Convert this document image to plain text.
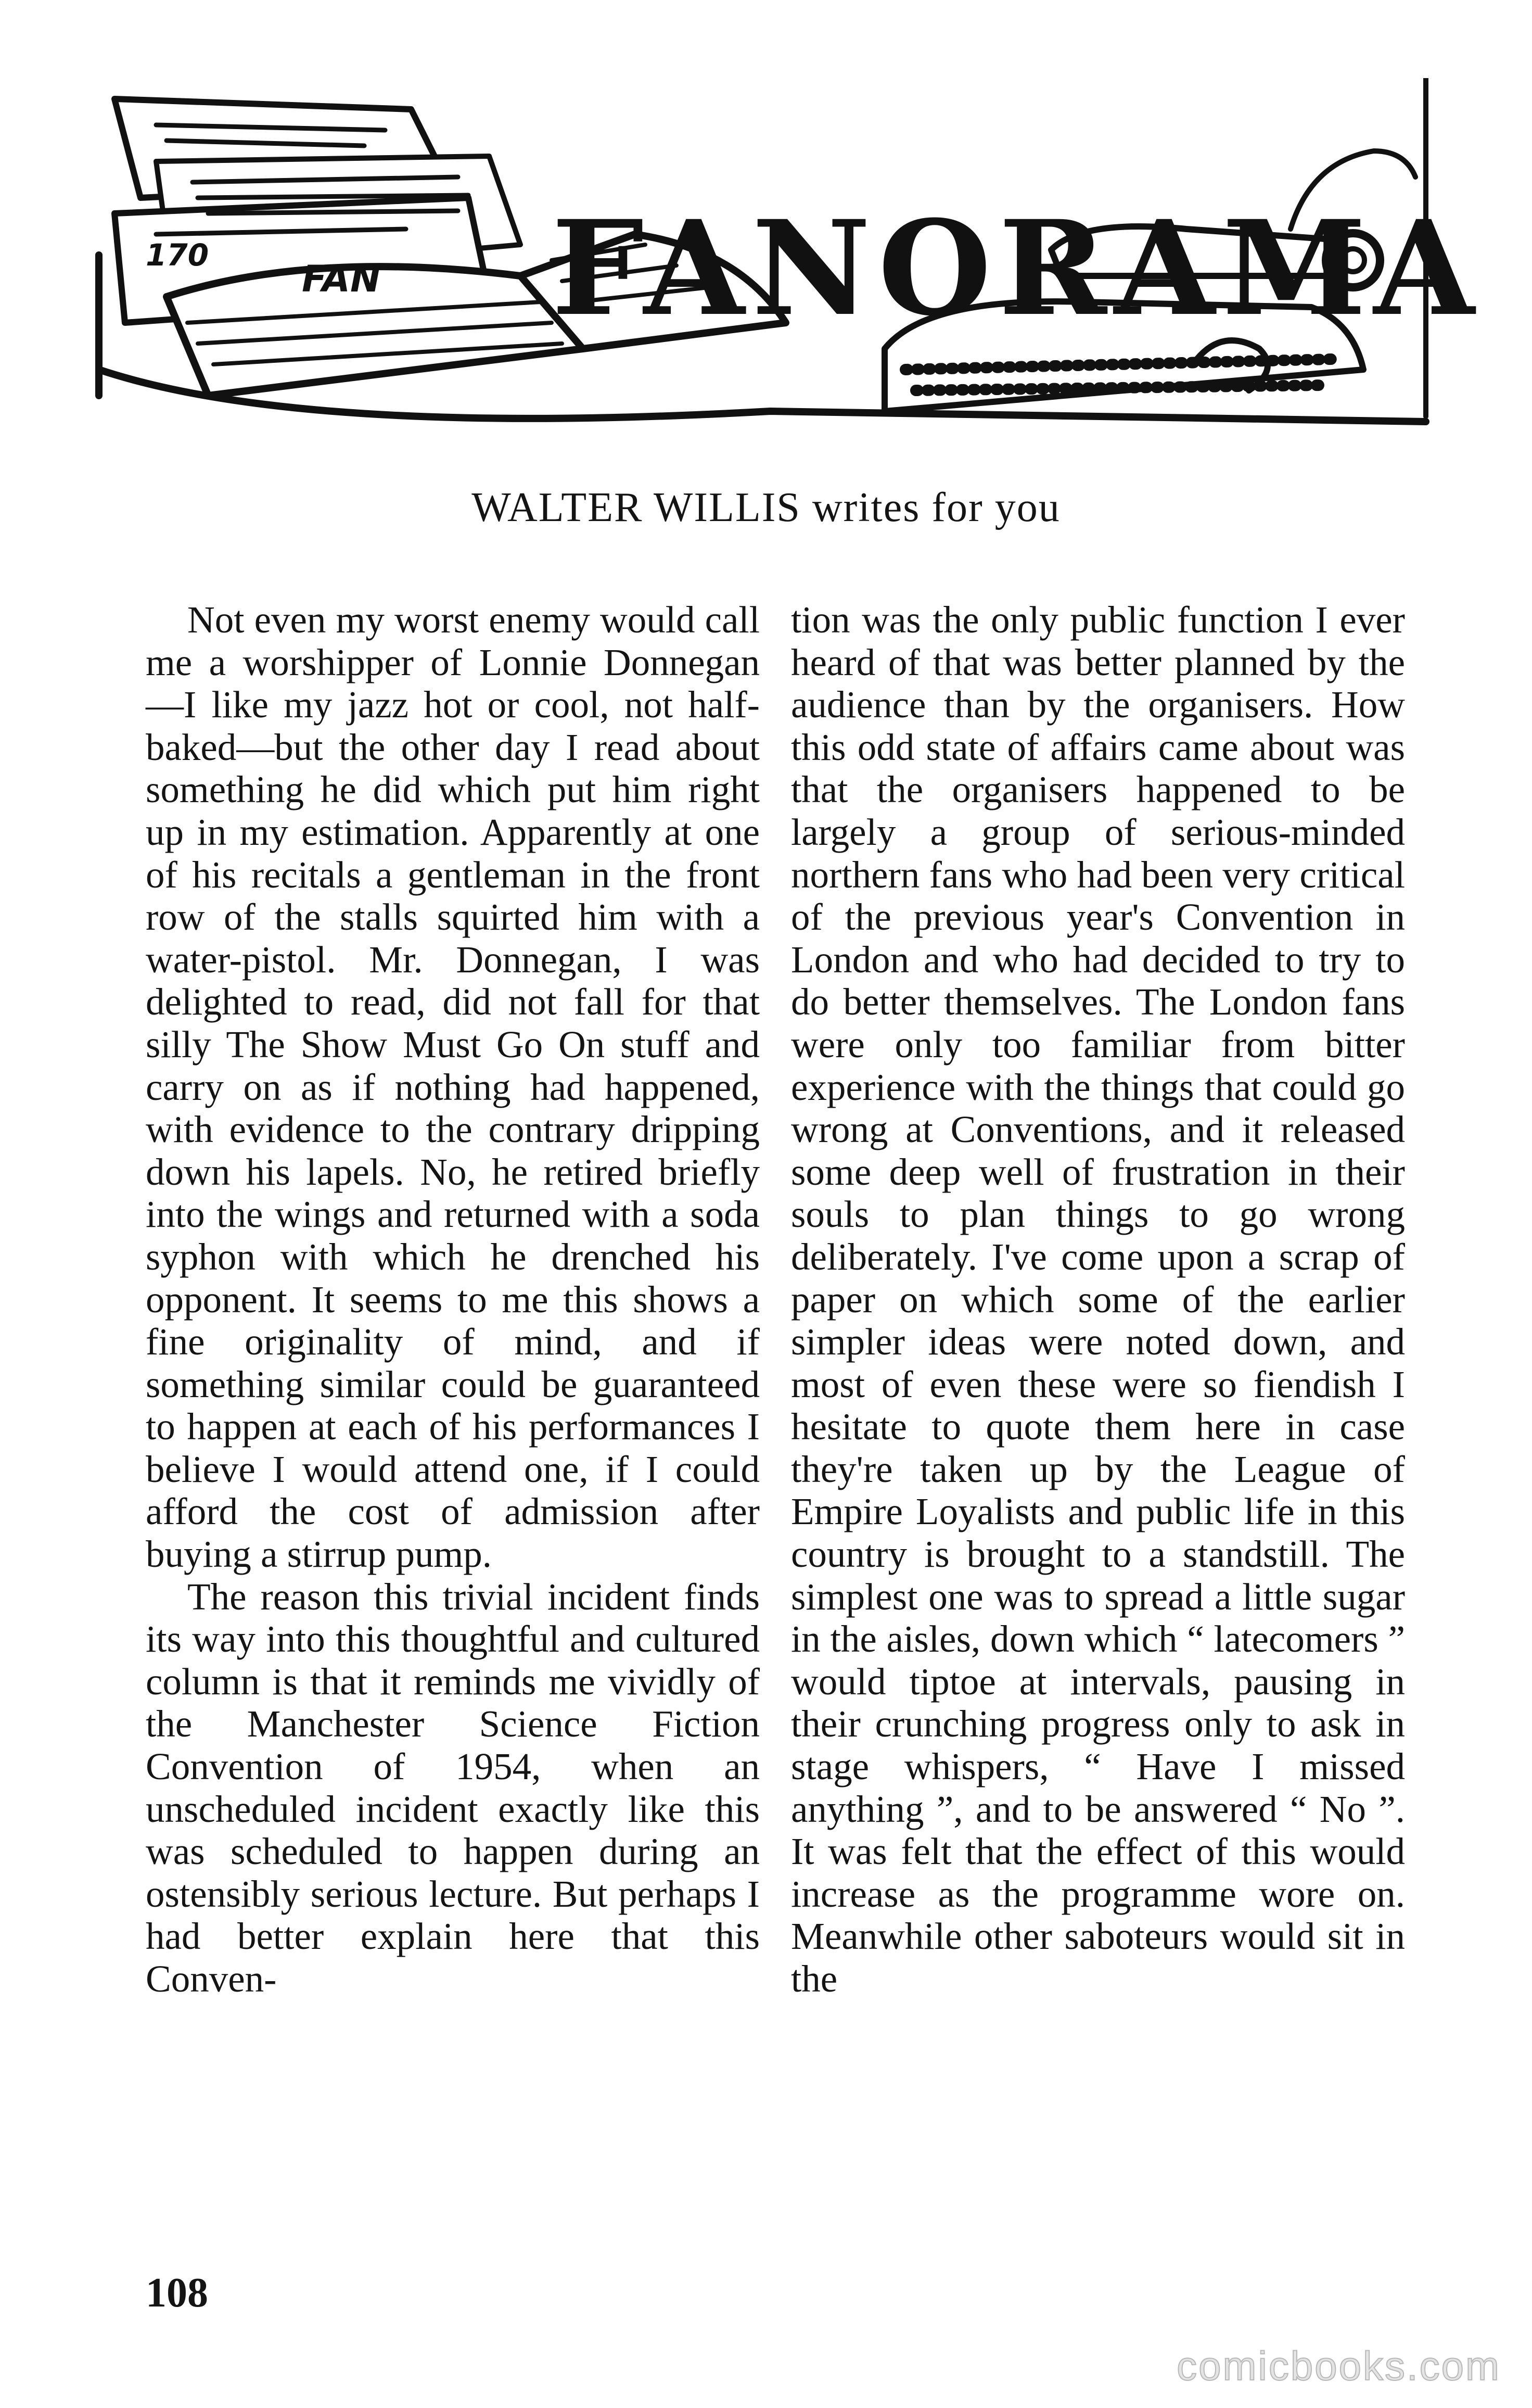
170
FAN FANORAMA
WALTER WILLIS writes for you

Not even my worst enemy would call me a worshipper of Lonnie Donnegan—I like my jazz hot or cool, not half-baked—but the other day I read about something he did which put him right up in my estimation. Apparently at one of his recitals a gentleman in the front row of the stalls squirted him with a water-pistol. Mr. Donnegan, I was delighted to read, did not fall for that silly The Show Must Go On stuff and carry on as if nothing had happened, with evidence to the contrary dripping down his lapels. No, he retired briefly into the wings and returned with a soda syphon with which he drenched his opponent. It seems to me this shows a fine originality of mind, and if something similar could be guaranteed to happen at each of his performances I believe I would attend one, if I could afford the cost of admission after buying a stirrup pump.

The reason this trivial incident finds its way into this thoughtful and cultured column is that it reminds me vividly of the Manchester Science Fiction Convention of 1954, when an unscheduled incident exactly like this was scheduled to happen during an ostensibly serious lecture. But perhaps I had better explain here that this Conven-

tion was the only public function I ever heard of that was better planned by the audience than by the organisers. How this odd state of affairs came about was that the organisers happened to be largely a group of serious-minded northern fans who had been very critical of the previous year's Convention in London and who had decided to try to do better themselves. The London fans were only too familiar from bitter experience with the things that could go wrong at Conventions, and it released some deep well of frustration in their souls to plan things to go wrong deliberately. I've come upon a scrap of paper on which some of the earlier simpler ideas were noted down, and most of even these were so fiendish I hesitate to quote them here in case they're taken up by the League of Empire Loyalists and public life in this country is brought to a standstill. The simplest one was to spread a little sugar in the aisles, down which “ latecomers ” would tiptoe at intervals, pausing in their crunching progress only to ask in stage whispers, “ Have I missed anything ”, and to be answered “ No ”. It was felt that the effect of this would increase as the programme wore on. Meanwhile other saboteurs would sit in the

108
comicbooks.com
